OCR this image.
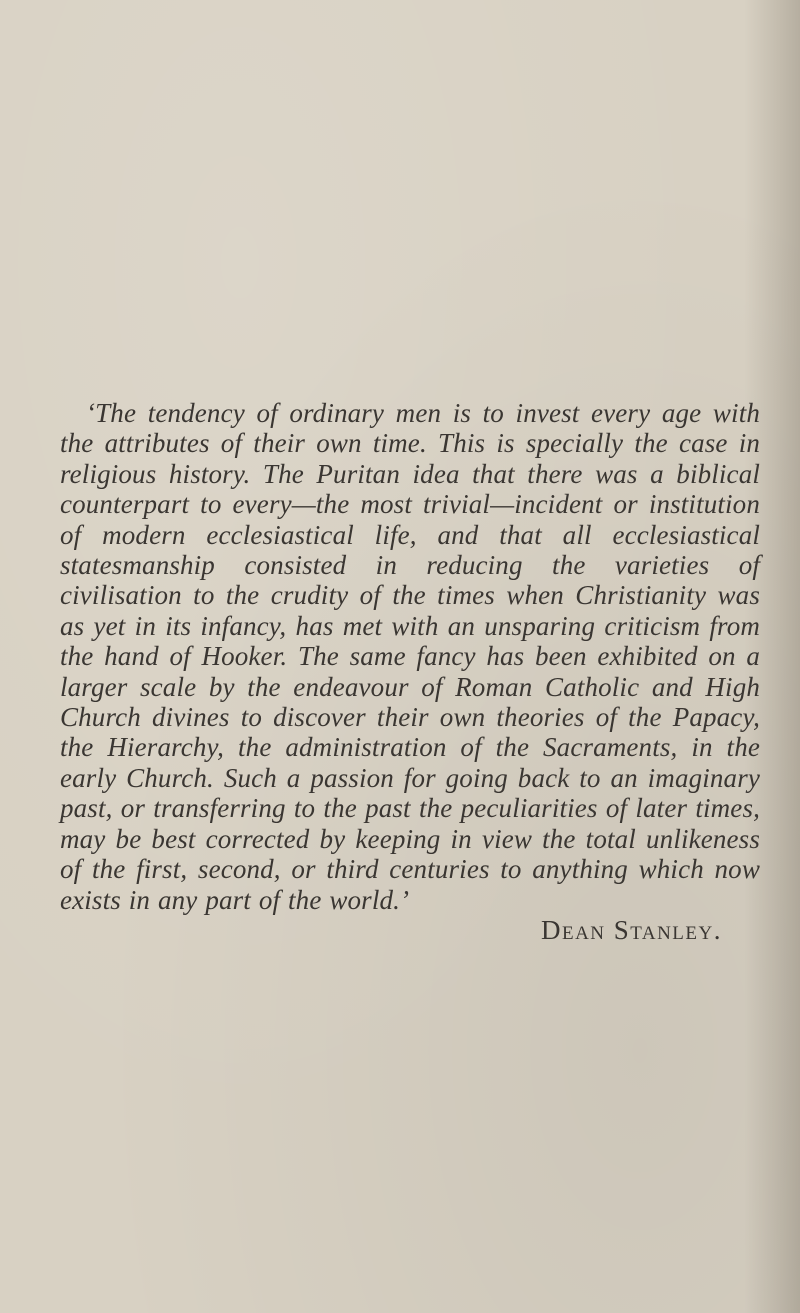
‘The tendency of ordinary men is to invest every age with the attributes of their own time. This is specially the case in religious history. The Puritan idea that there was a biblical counterpart to every—the most trivial—incident or institution of modern ecclesiastical life, and that all ecclesiastical statesmanship consisted in reducing the varieties of civilisation to the crudity of the times when Christianity was as yet in its infancy, has met with an unsparing criticism from the hand of Hooker. The same fancy has been exhibited on a larger scale by the endeavour of Roman Catholic and High Church divines to discover their own theories of the Papacy, the Hierarchy, the administration of the Sacraments, in the early Church. Such a passion for going back to an imaginary past, or transferring to the past the peculiarities of later times, may be best corrected by keeping in view the total unlikeness of the first, second, or third centuries to anything which now exists in any part of the world.’

Dean Stanley.
